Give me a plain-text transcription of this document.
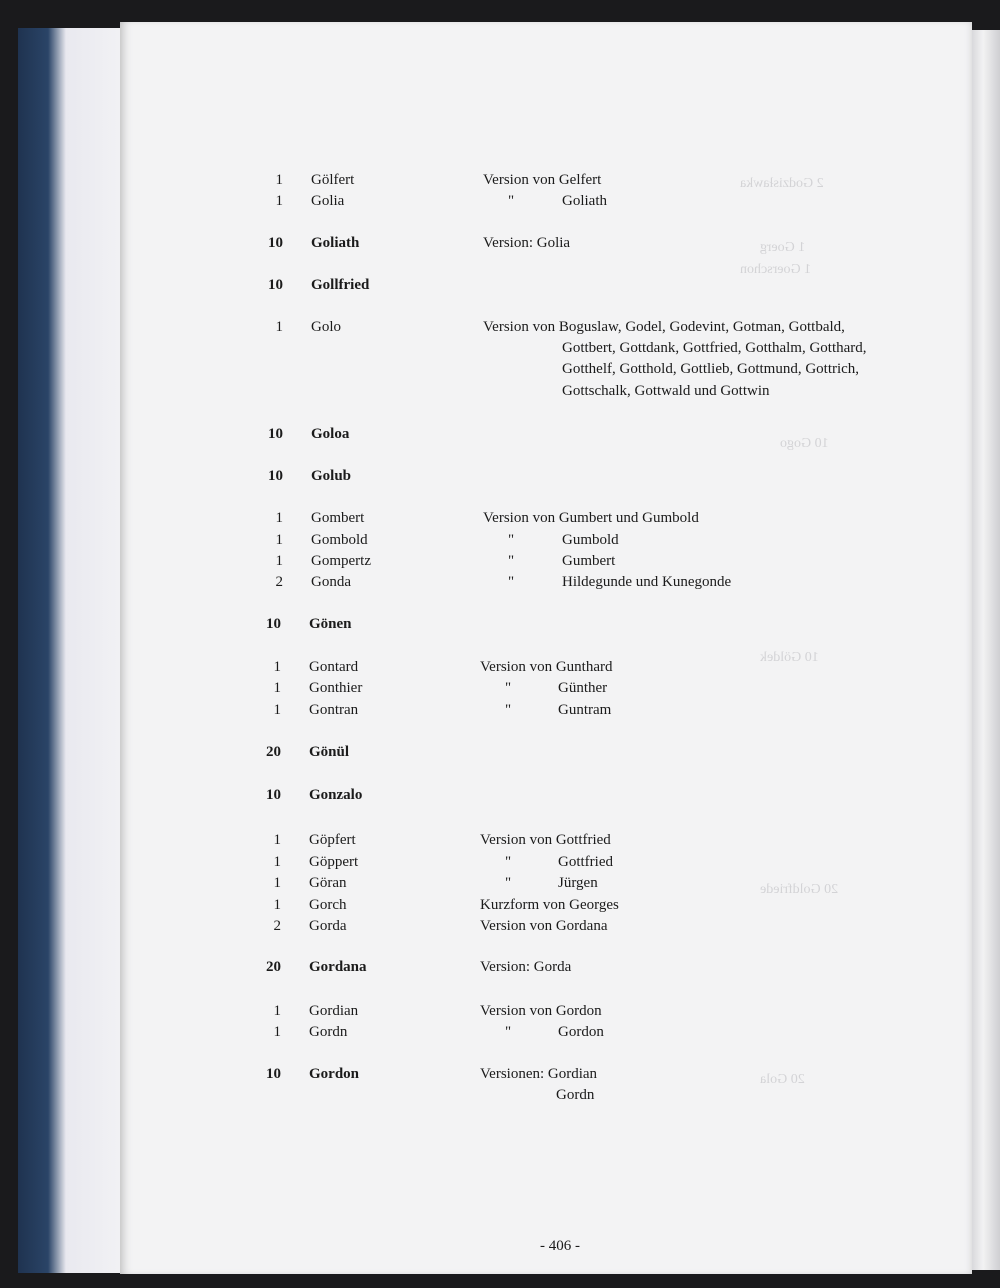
2 Godzisławka
1 Goerg
1 Goerschon
10 Gogo
10 Göldek
20 Goldfriede
20 Gola
1 Gölfert	Version von Gelfert
1 Golia	"	Goliath
10 Goliath	Version: Golia
10 Gollfried
1 Golo	Version von Boguslaw, Godel, Godevint, Gotman, Gottbald,
Gottbert, Gottdank, Gottfried, Gotthalm, Gotthard,
Gotthelf, Gotthold, Gottlieb, Gottmund, Gottrich,
Gottschalk, Gottwald und Gottwin
10 Goloa
10 Golub
1 Gombert	Version von Gumbert und Gumbold
1 Gombold	"	Gumbold
1 Gompertz	"	Gumbert
2 Gonda	"	Hildegunde und Kunegonde
10 Gönen
1 Gontard	Version von Gunthard
1 Gonthier	"	Günther
1 Gontran	"	Guntram
20 Gönül
10 Gonzalo
1 Göpfert	Version von Gottfried
1 Göppert	"	Gottfried
1 Göran	"	Jürgen
1 Gorch	Kurzform von Georges
2 Gorda	Version von Gordana
20 Gordana	Version: Gorda
1 Gordian	Version von Gordon
1 Gordn	"	Gordon
10 Gordon	Versionen: Gordian
Gordn
- 406 -
